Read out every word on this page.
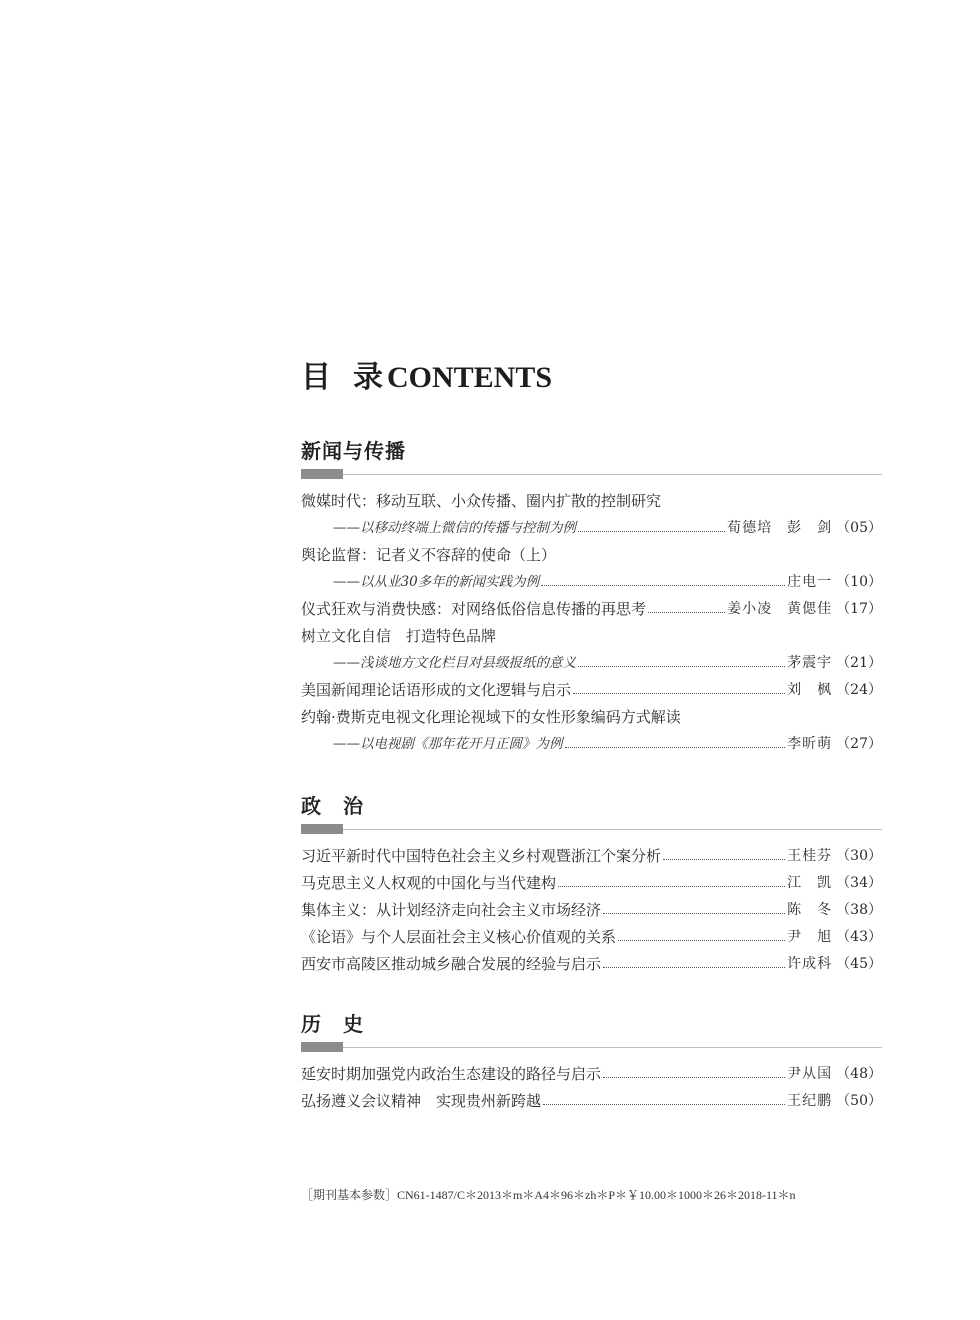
目 录 CONTENTS
新闻与传播
微媒时代：移动互联、小众传播、圈内扩散的控制研究
——以移动终端上微信的传播与控制为例	荀德培　彭　剑 （05）
舆论监督：记者义不容辞的使命（上）
——以从业30多年的新闻实践为例	庄电一 （10）
仪式狂欢与消费快感：对网络低俗信息传播的再思考	姜小凌　黄偲佳 （17）
树立文化自信　打造特色品牌
——浅谈地方文化栏目对县级报纸的意义	茅震宇 （21）
美国新闻理论话语形成的文化逻辑与启示	刘　枫 （24）
约翰·费斯克电视文化理论视域下的女性形象编码方式解读
——以电视剧《那年花开月正圆》为例	李昕萌 （27）
政　治
习近平新时代中国特色社会主义乡村观暨浙江个案分析	王桂芬 （30）
马克思主义人权观的中国化与当代建构	江　凯 （34）
集体主义：从计划经济走向社会主义市场经济	陈　冬 （38）
《论语》与个人层面社会主义核心价值观的关系	尹　旭 （43）
西安市高陵区推动城乡融合发展的经验与启示	许成科 （45）
历　史
延安时期加强党内政治生态建设的路径与启示	尹从国 （48）
弘扬遵义会议精神　实现贵州新跨越	王纪鹏 （50）
［期刊基本参数］CN61-1487/C＊2013＊m＊A4＊96＊zh＊P＊￥10.00＊1000＊26＊2018-11＊n
